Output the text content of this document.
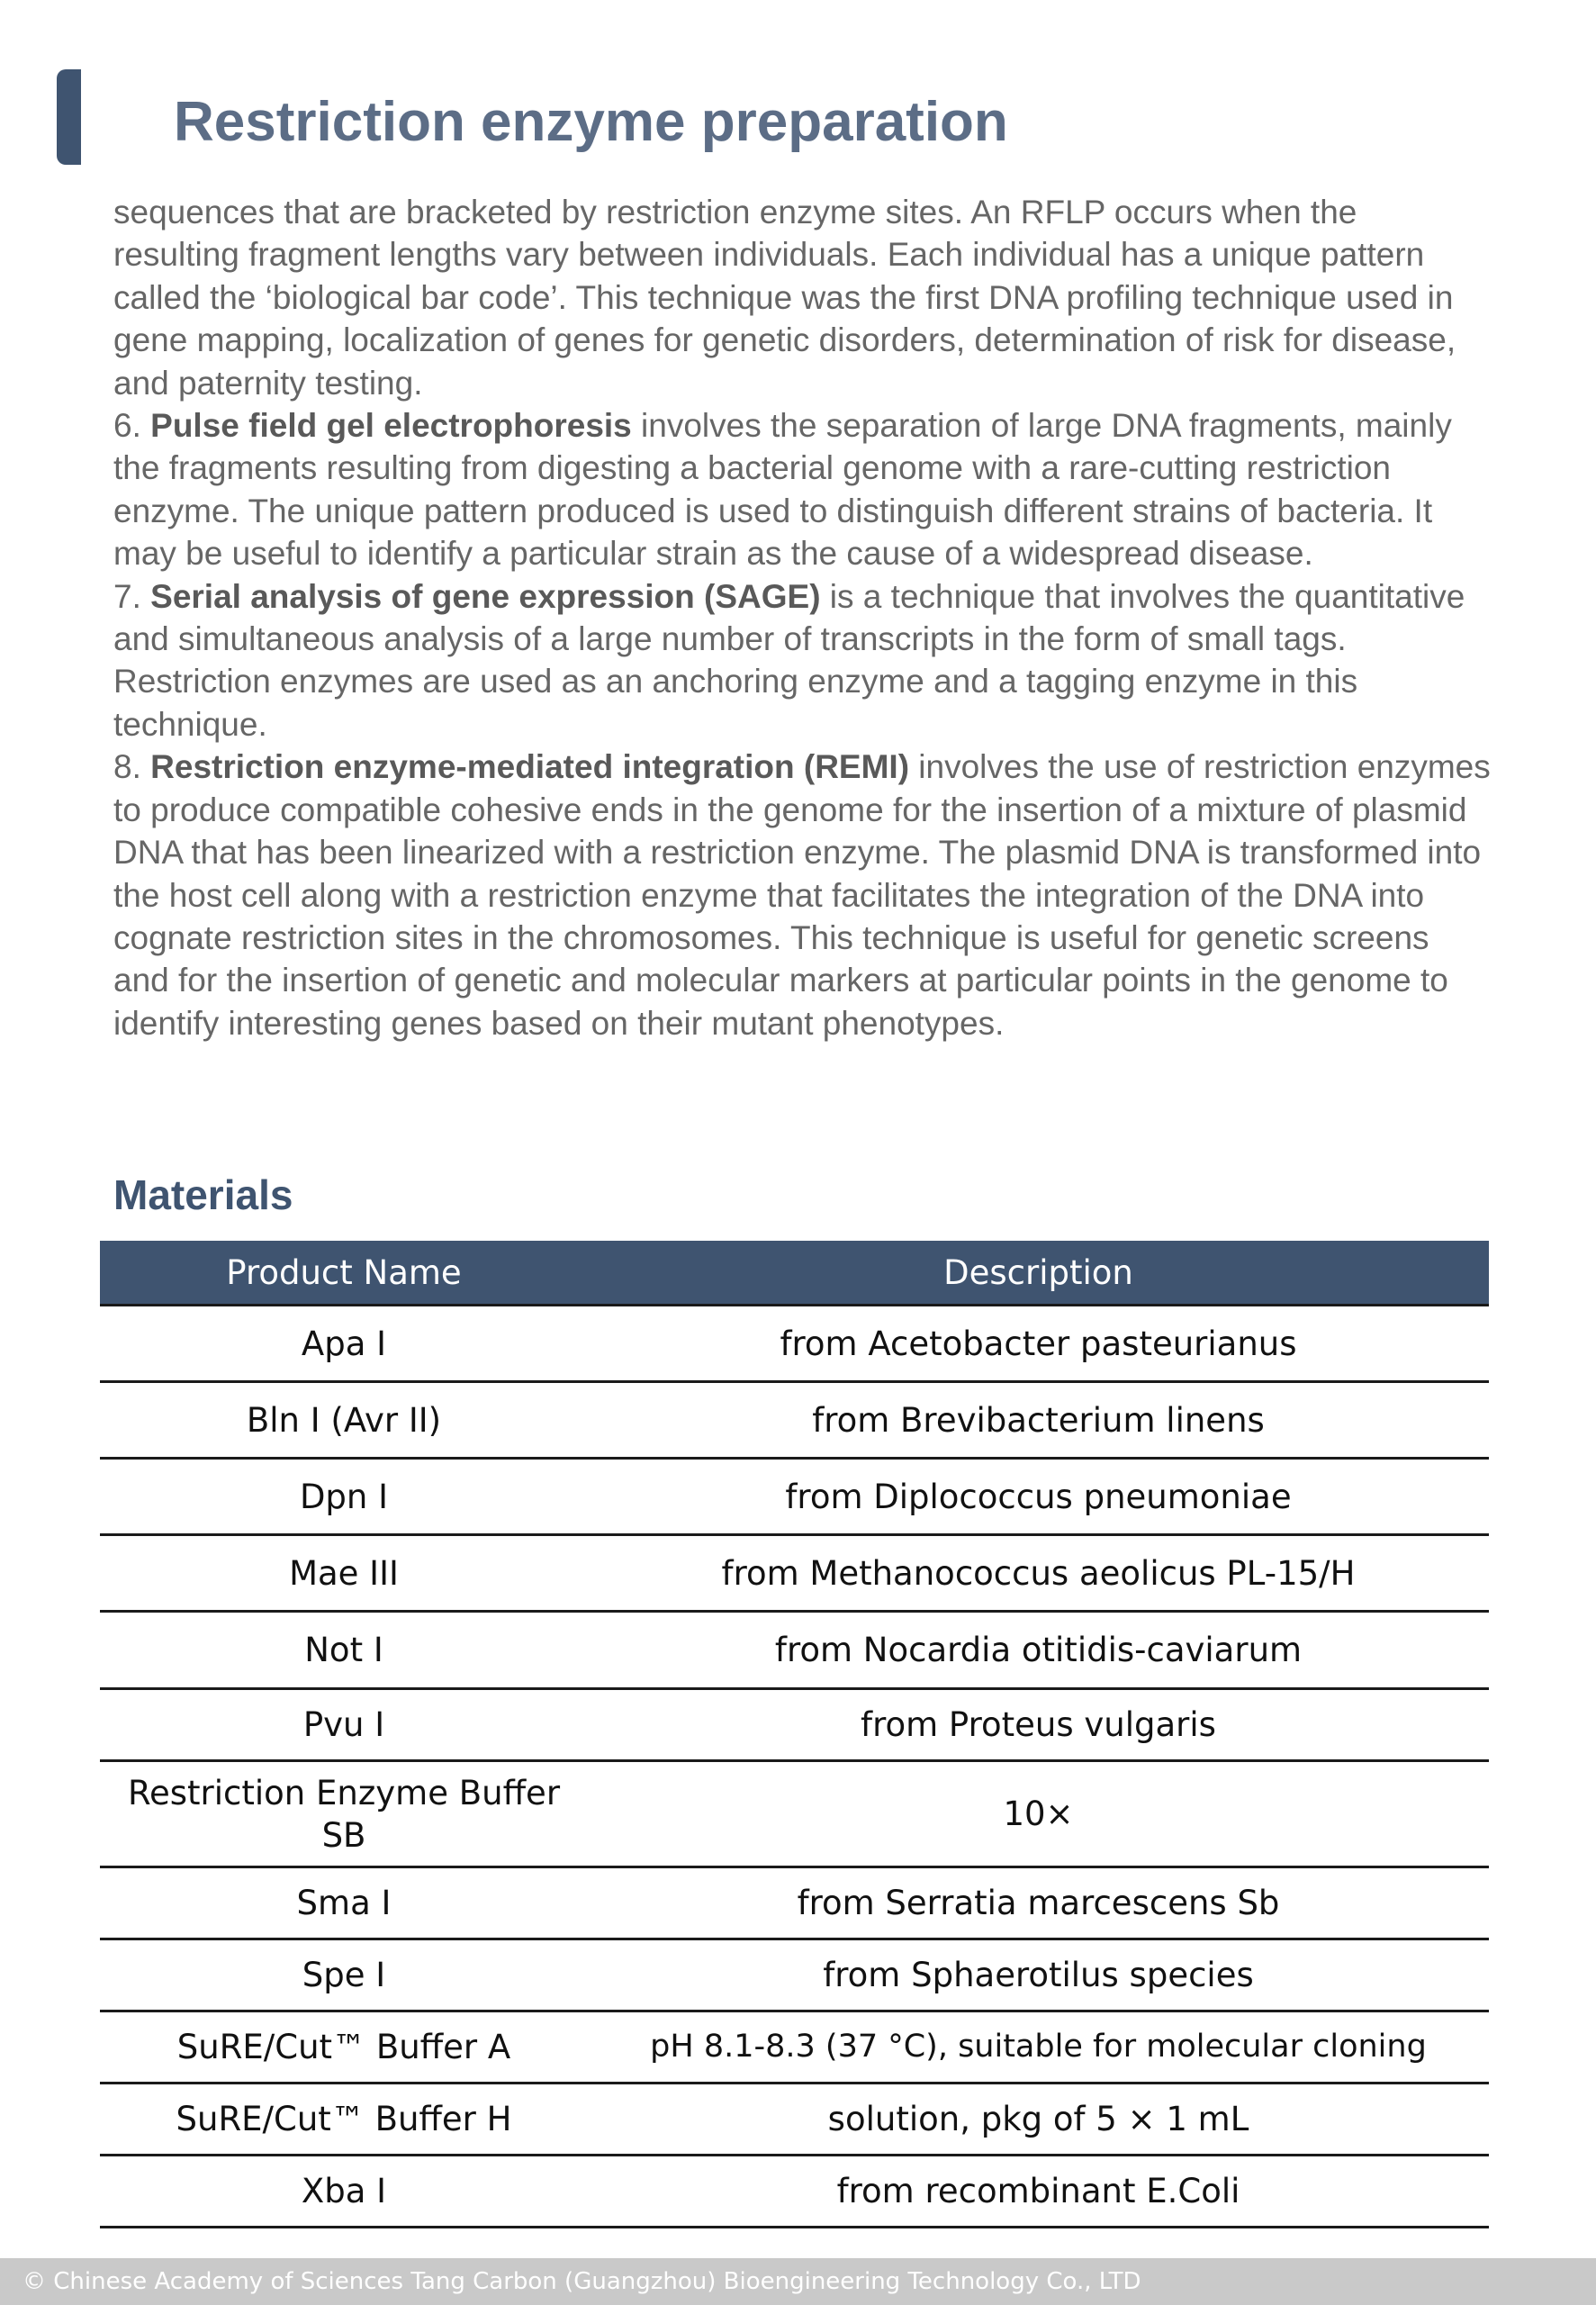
Restriction enzyme preparation

sequences that are bracketed by restriction enzyme sites. An RFLP occurs when the resulting fragment lengths vary between individuals. Each individual has a unique pattern called the ‘biological bar code’. This technique was the first DNA profiling technique used in gene mapping, localization of genes for genetic disorders, determination of risk for disease, and paternity testing.

6. Pulse field gel electrophoresis involves the separation of large DNA fragments, mainly the fragments resulting from digesting a bacterial genome with a rare-cutting restriction enzyme. The unique pattern produced is used to distinguish different strains of bacteria. It may be useful to identify a particular strain as the cause of a widespread disease.

7. Serial analysis of gene expression (SAGE) is a technique that involves the quantitative and simultaneous analysis of a large number of transcripts in the form of small tags. Restriction enzymes are used as an anchoring enzyme and a tagging enzyme in this technique.

8. Restriction enzyme-mediated integration (REMI) involves the use of restriction enzymes to produce compatible cohesive ends in the genome for the insertion of a mixture of plasmid DNA that has been linearized with a restriction enzyme. The plasmid DNA is transformed into the host cell along with a restriction enzyme that facilitates the integration of the DNA into cognate restriction sites in the chromosomes. This technique is useful for genetic screens and for the insertion of genetic and molecular markers at particular points in the genome to identify interesting genes based on their mutant phenotypes.

Materials
Product Name	Description
Apa I	from Acetobacter pasteurianus
Bln I (Avr II)	from Brevibacterium linens
Dpn I	from Diplococcus pneumoniae
Mae III	from Methanococcus aeolicus PL-15/H
Not I	from Nocardia otitidis-caviarum
Pvu I	from Proteus vulgaris
Restriction Enzyme Buffer SB	10×
Sma I	from Serratia marcescens Sb
Spe I	from Sphaerotilus species
SuRE/Cut™ Buffer A	pH 8.1-8.3 (37 °C), suitable for molecular cloning
SuRE/Cut™ Buffer H	solution, pkg of 5 × 1 mL
Xba I	from recombinant E.Coli
© Chinese Academy of Sciences Tang Carbon (Guangzhou) Bioengineering Technology Co., LTD
